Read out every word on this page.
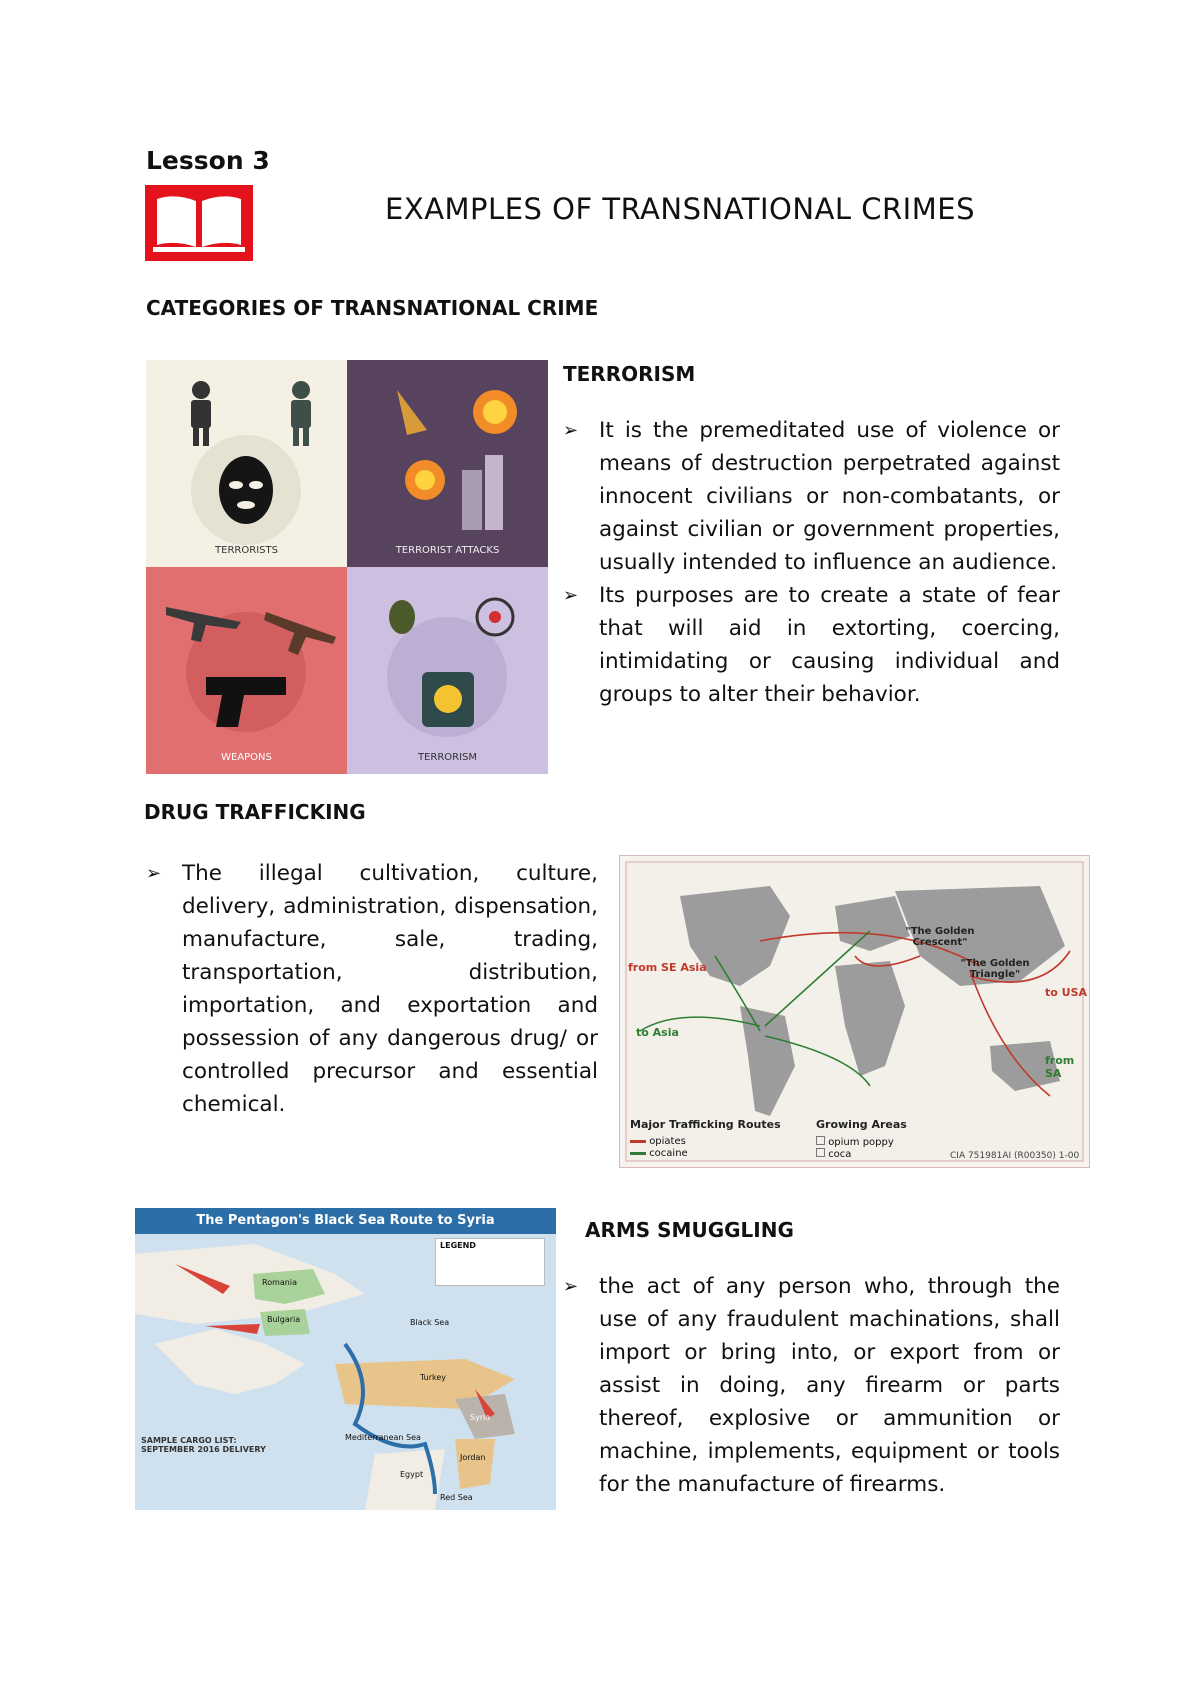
Lesson 3
EXAMPLES OF TRANSNATIONAL CRIMES
CATEGORIES OF TRANSNATIONAL CRIME
TERRORISTS	TERRORIST ATTACKS
WEAPONS	TERRORISM
TERRORISM
➢ It is the premeditated use of violence or means of destruction perpetrated against innocent civilians or non-combatants, or against civilian or government properties, usually intended to influence an audience.
➢ Its purposes are to create a state of fear that will aid in extorting, coercing, intimidating or causing individual and groups to alter their behavior.
DRUG TRAFFICKING
➢ The illegal cultivation, culture, delivery, administration, dispensation, manufacture, sale, trading, transportation, distribution, importation, and exportation and possession of any dangerous drug/ or controlled precursor and essential chemical.
from SE Asia
to Asia
"The Golden Crescent"
"The Golden Triangle"
to USA
from SA
Major Trafficking Routes
opiates
cocaine
Growing Areas
opium poppy
coca	CIA 751981AI (R00350) 1-00
The Pentagon's Black Sea Route to Syria
LEGEND
Romania
Bulgaria	Black Sea
Turkey
Syria
Mediterranean Sea
Jordan
Egypt
Red Sea
SAMPLE CARGO LIST: SEPTEMBER 2016 DELIVERY
ARMS SMUGGLING
➢ the act of any person who, through the use of any fraudulent machinations, shall import or bring into, or export from or assist in doing, any firearm or parts thereof, explosive or ammunition or machine, implements, equipment or tools for the manufacture of firearms.
